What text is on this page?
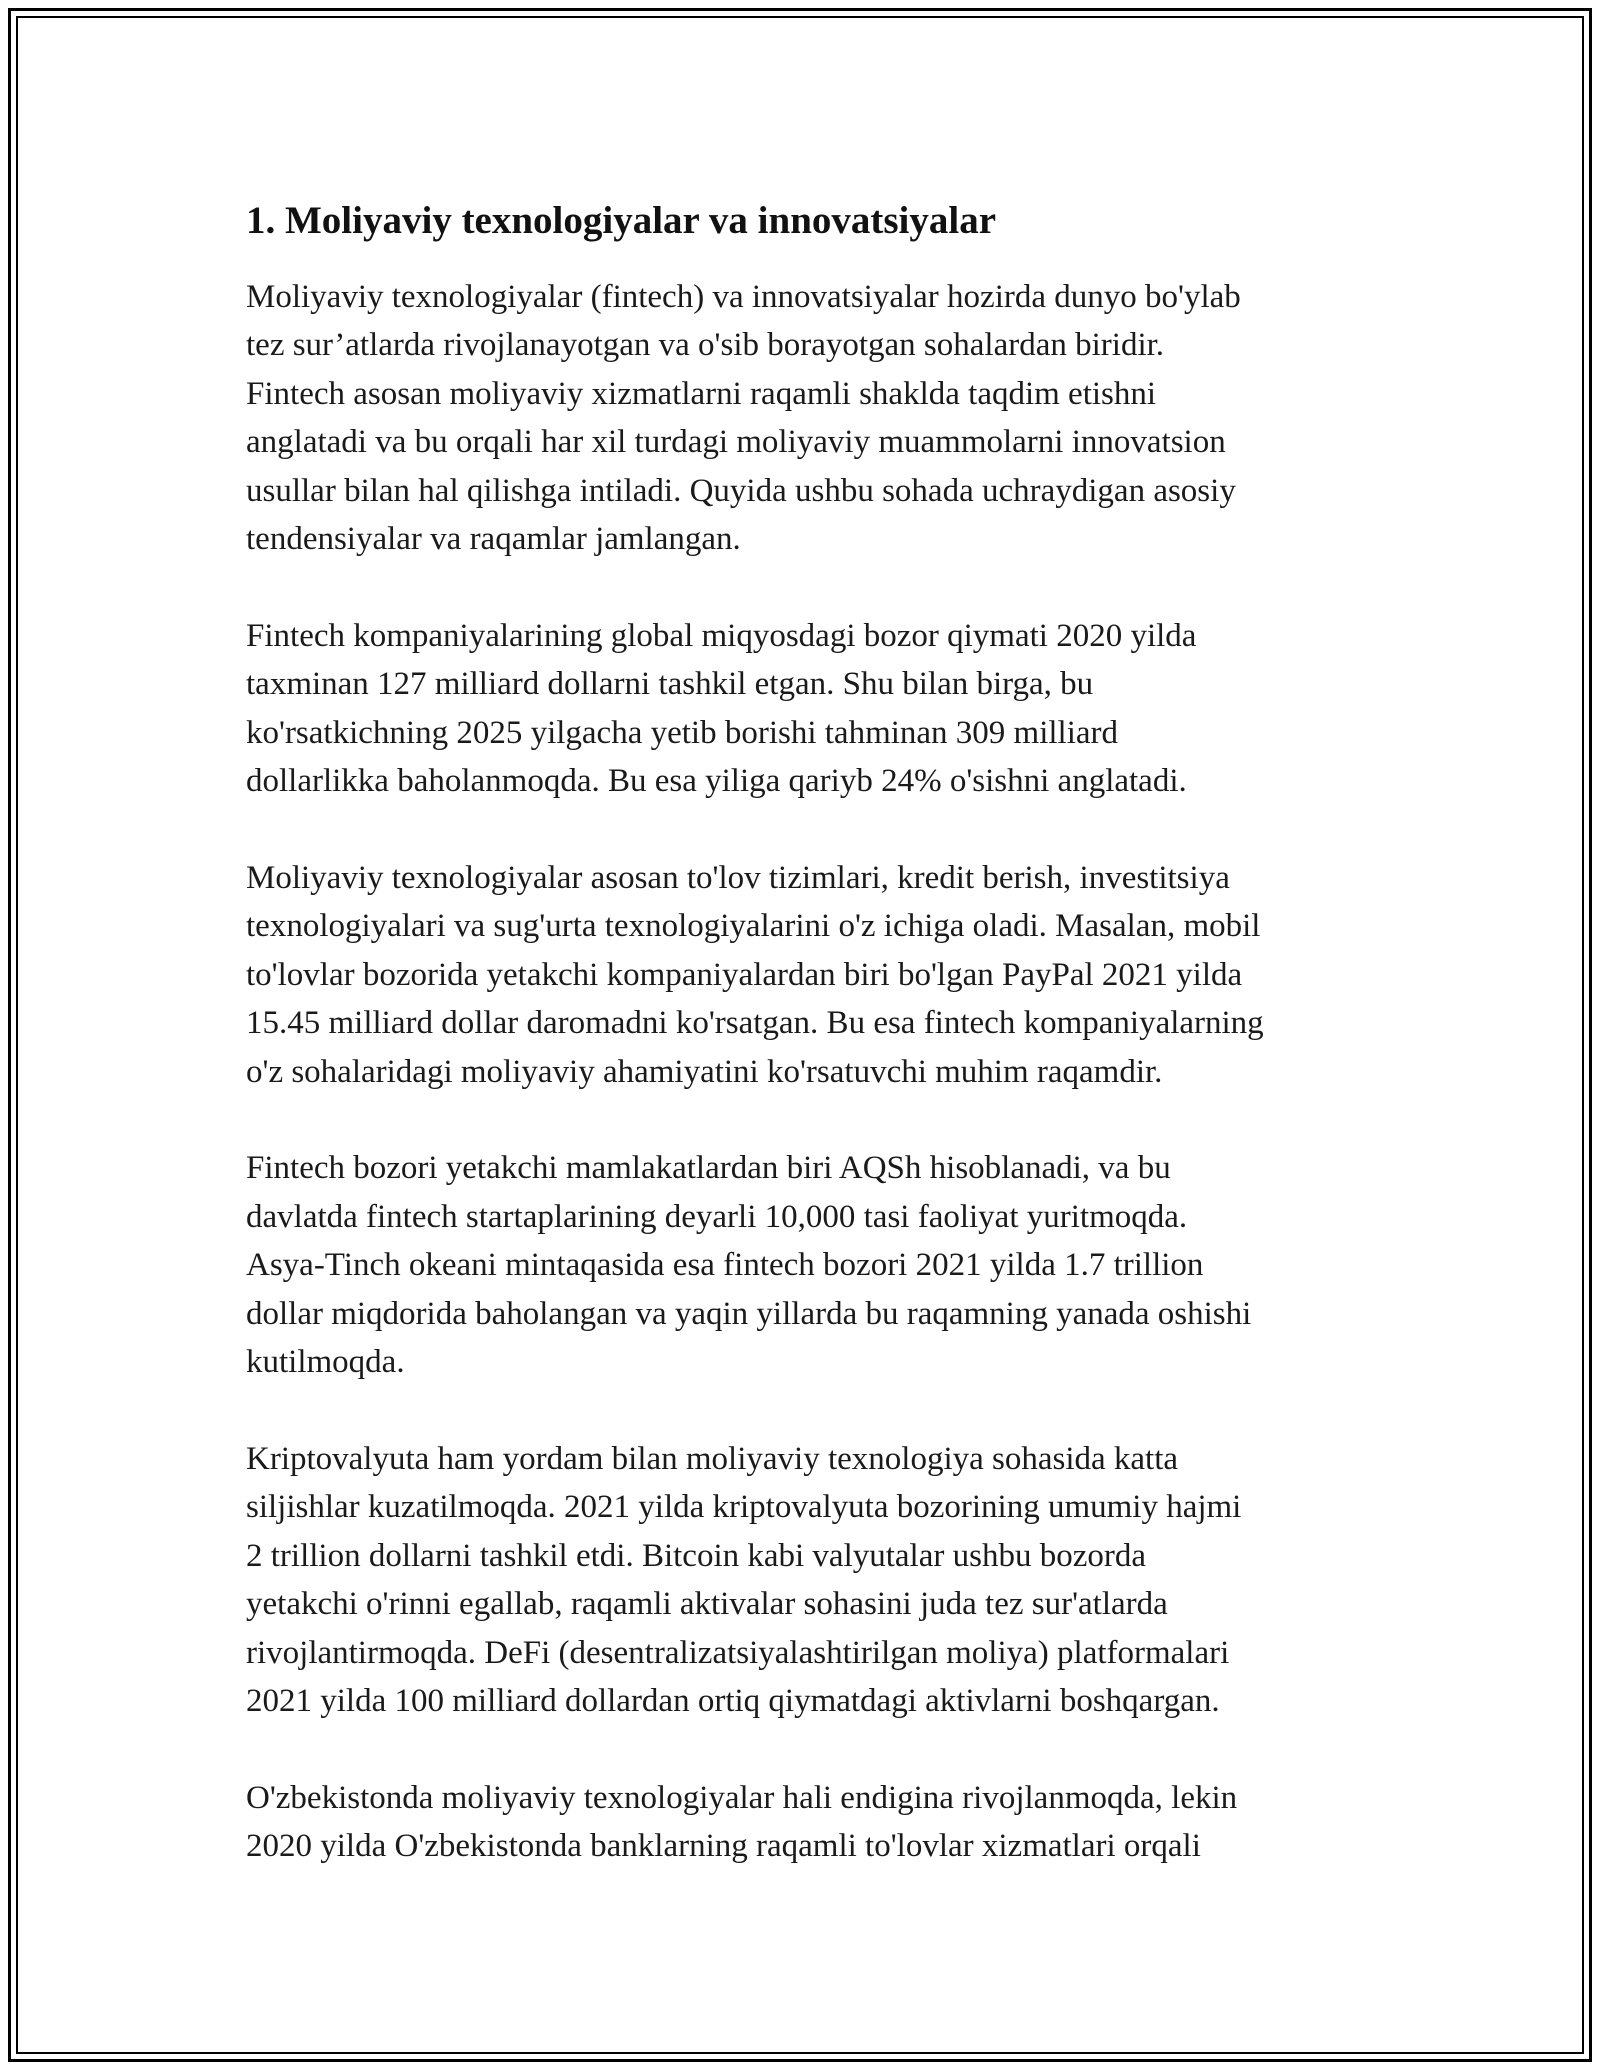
1. Moliyaviy texnologiyalar va innovatsiyalar

Moliyaviy texnologiyalar (fintech) va innovatsiyalar hozirda dunyo bo'ylab
tez sur’atlarda rivojlanayotgan va o'sib borayotgan sohalardan biridir.
Fintech asosan moliyaviy xizmatlarni raqamli shaklda taqdim etishni
anglatadi va bu orqali har xil turdagi moliyaviy muammolarni innovatsion
usullar bilan hal qilishga intiladi. Quyida ushbu sohada uchraydigan asosiy
tendensiyalar va raqamlar jamlangan.

Fintech kompaniyalarining global miqyosdagi bozor qiymati 2020 yilda
taxminan 127 milliard dollarni tashkil etgan. Shu bilan birga, bu
ko'rsatkichning 2025 yilgacha yetib borishi tahminan 309 milliard
dollarlikka baholanmoqda. Bu esa yiliga qariyb 24% o'sishni anglatadi.

Moliyaviy texnologiyalar asosan to'lov tizimlari, kredit berish, investitsiya
texnologiyalari va sug'urta texnologiyalarini o'z ichiga oladi. Masalan, mobil
to'lovlar bozorida yetakchi kompaniyalardan biri bo'lgan PayPal 2021 yilda
15.45 milliard dollar daromadni ko'rsatgan. Bu esa fintech kompaniyalarning
o'z sohalaridagi moliyaviy ahamiyatini ko'rsatuvchi muhim raqamdir.

Fintech bozori yetakchi mamlakatlardan biri AQSh hisoblanadi, va bu
davlatda fintech startaplarining deyarli 10,000 tasi faoliyat yuritmoqda.
Asya-Tinch okeani mintaqasida esa fintech bozori 2021 yilda 1.7 trillion
dollar miqdorida baholangan va yaqin yillarda bu raqamning yanada oshishi
kutilmoqda.

Kriptovalyuta ham yordam bilan moliyaviy texnologiya sohasida katta
siljishlar kuzatilmoqda. 2021 yilda kriptovalyuta bozorining umumiy hajmi
2 trillion dollarni tashkil etdi. Bitcoin kabi valyutalar ushbu bozorda
yetakchi o'rinni egallab, raqamli aktivalar sohasini juda tez sur'atlarda
rivojlantirmoqda. DeFi (desentralizatsiyalashtirilgan moliya) platformalari
2021 yilda 100 milliard dollardan ortiq qiymatdagi aktivlarni boshqargan.

O'zbekistonda moliyaviy texnologiyalar hali endigina rivojlanmoqda, lekin
2020 yilda O'zbekistonda banklarning raqamli to'lovlar xizmatlari orqali
